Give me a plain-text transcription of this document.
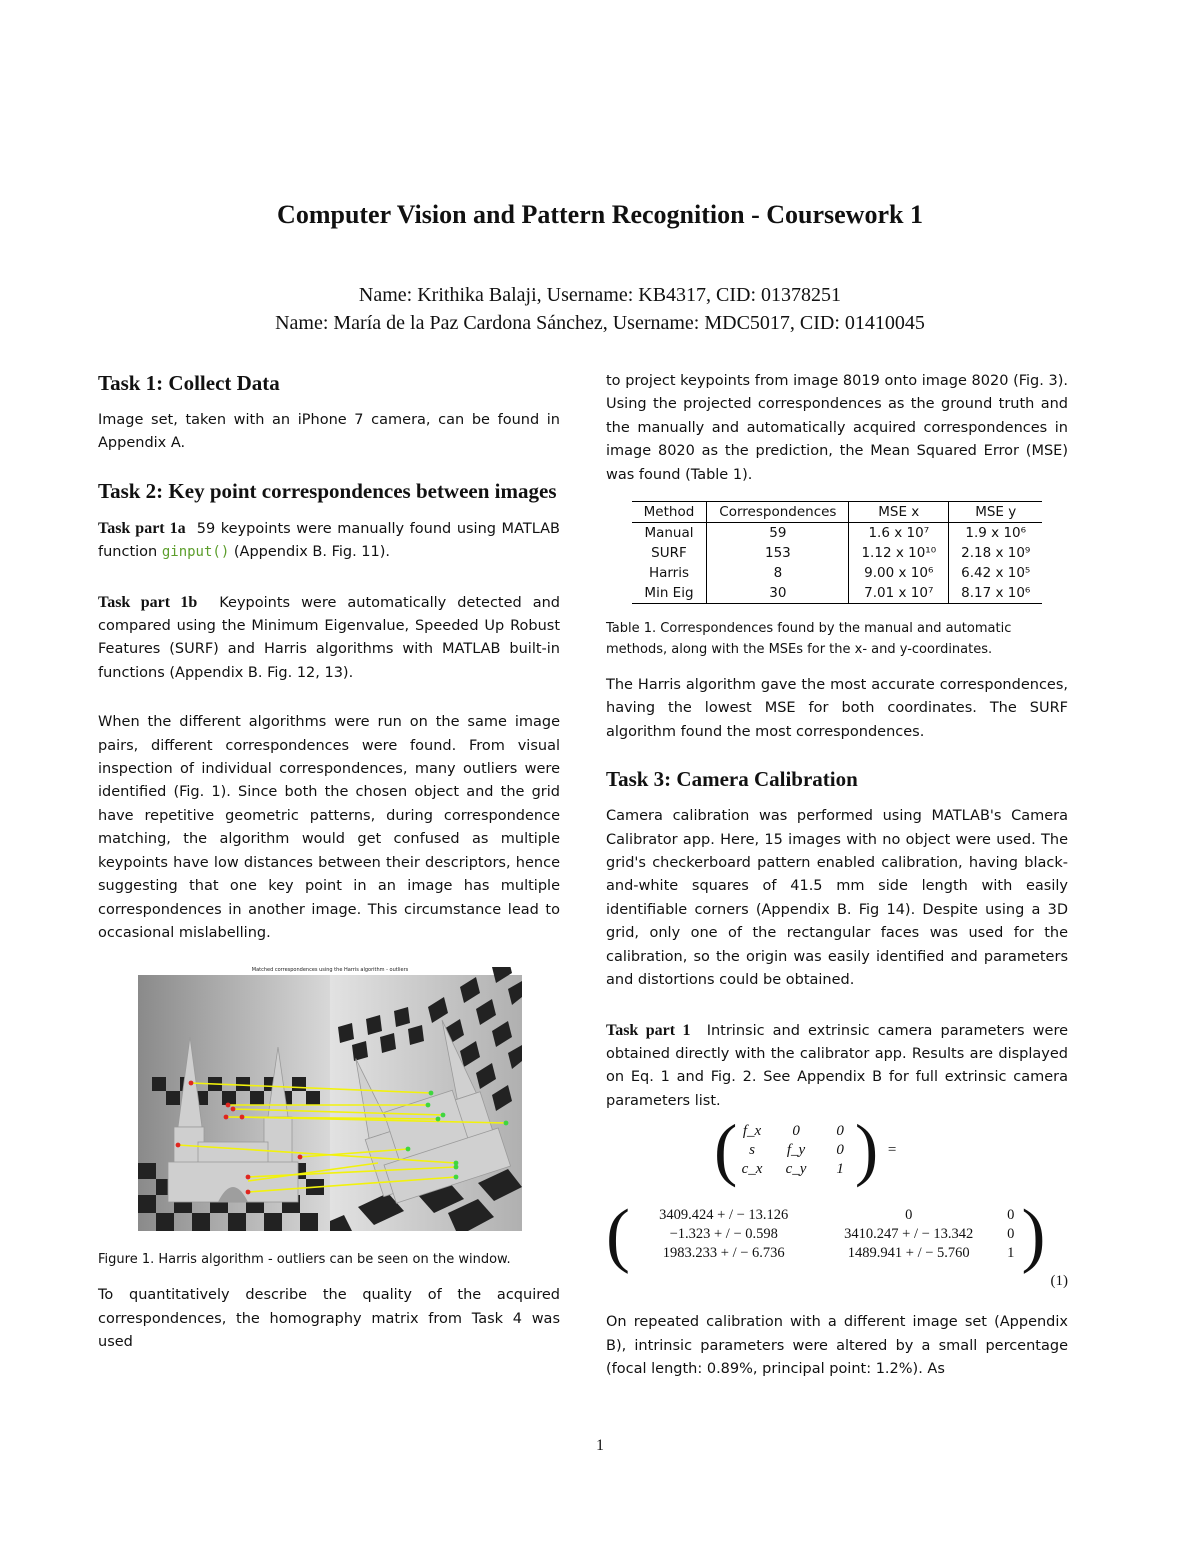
Computer Vision and Pattern Recognition - Coursework 1
Name: Krithika Balaji, Username: KB4317, CID: 01378251
Name: María de la Paz Cardona Sánchez, Username: MDC5017, CID: 01410045
Task 1: Collect Data

Image set, taken with an iPhone 7 camera, can be found in Appendix A.

Task 2: Key point correspondences between images

Task part 1a 59 keypoints were manually found using MATLAB function ginput() (Appendix B. Fig. 11).

Task part 1b Keypoints were automatically detected and compared using the Minimum Eigenvalue, Speeded Up Robust Features (SURF) and Harris algorithms with MATLAB built-in functions (Appendix B. Fig. 12, 13).

When the different algorithms were run on the same image pairs, different correspondences were found. From visual inspection of individual correspondences, many outliers were identified (Fig. 1). Since both the chosen object and the grid have repetitive geometric patterns, during correspondence matching, the algorithm would get confused as multiple keypoints have low distances between their descriptors, hence suggesting that one key point in an image has multiple correspondences in another image. This circumstance lead to occasional mislabelling.

Matched correspondences using the Harris algorithm - outliers

Figure 1. Harris algorithm - outliers can be seen on the window.

To quantitatively describe the quality of the acquired correspondences, the homography matrix from Task 4 was used

to project keypoints from image 8019 onto image 8020 (Fig. 3). Using the projected correspondences as the ground truth and the manually and automatically acquired correspondences in image 8020 as the prediction, the Mean Squared Error (MSE) was found (Table 1).

Method	Correspondences	MSE x	MSE y
Manual	59	1.6 x 10⁷	1.9 x 10⁶
SURF	153	1.12 x 10¹⁰	2.18 x 10⁹
Harris	8	9.00 x 10⁶	6.42 x 10⁵
Min Eig	30	7.01 x 10⁷	8.17 x 10⁶

Table 1. Correspondences found by the manual and automatic methods, along with the MSEs for the x- and y-coordinates.

The Harris algorithm gave the most accurate correspondences, having the lowest MSE for both coordinates. The SURF algorithm found the most correspondences.

Task 3: Camera Calibration

Camera calibration was performed using MATLAB's Camera Calibrator app. Here, 15 images with no object were used. The grid's checkerboard pattern enabled calibration, having black-and-white squares of 41.5 mm side length with easily identifiable corners (Appendix B. Fig 14). Despite using a 3D grid, only one of the rectangular faces was used for the calibration, so the origin was easily identified and parameters and distortions could be obtained.

Task part 1 Intrinsic and extrinsic camera parameters were obtained directly with the calibrator app. Results are displayed on Eq. 1 and Fig. 2. See Appendix B for full extrinsic camera parameters list.

( f_x	0	0
s	f_y	0
c_x c_y	1 ) =
(	3409.424 + / − 13.126	0	0
−1.323 + / − 0.598	3410.247 + / − 13.342	0
1983.233 + / − 6.736	1489.941 + / − 5.760	1 )
(1)

On repeated calibration with a different image set (Appendix B), intrinsic parameters were altered by a small percentage (focal length: 0.89%, principal point: 1.2%). As

1
